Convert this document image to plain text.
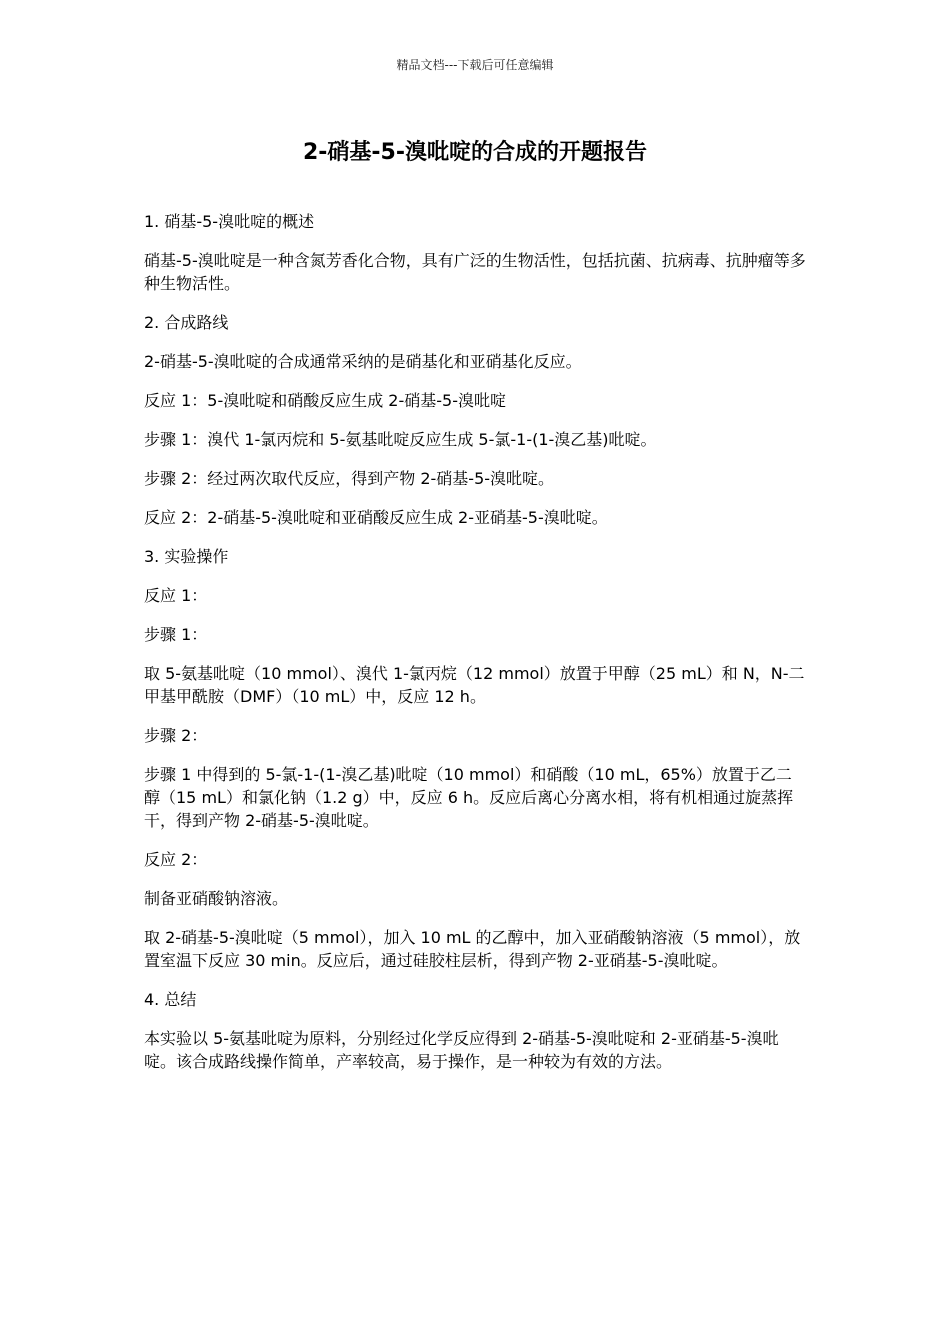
精品文档---下载后可任意编辑
2-硝基-5-溴吡啶的合成的开题报告

1. 硝基-5-溴吡啶的概述

硝基-5-溴吡啶是一种含氮芳香化合物，具有广泛的生物活性，包括抗菌、抗病毒、抗肿瘤等多种生物活性。

2. 合成路线

2-硝基-5-溴吡啶的合成通常采纳的是硝基化和亚硝基化反应。

反应 1：5-溴吡啶和硝酸反应生成 2-硝基-5-溴吡啶

步骤 1：溴代 1-氯丙烷和 5-氨基吡啶反应生成 5-氯-1-(1-溴乙基)吡啶。

步骤 2：经过两次取代反应，得到产物 2-硝基-5-溴吡啶。

反应 2：2-硝基-5-溴吡啶和亚硝酸反应生成 2-亚硝基-5-溴吡啶。

3. 实验操作

反应 1：

步骤 1：

取 5-氨基吡啶（10 mmol）、溴代 1-氯丙烷（12 mmol）放置于甲醇（25 mL）和 N，N-二甲基甲酰胺（DMF）（10 mL）中，反应 12 h。

步骤 2：

步骤 1 中得到的 5-氯-1-(1-溴乙基)吡啶（10 mmol）和硝酸（10 mL，65%）放置于乙二醇（15 mL）和氯化钠（1.2 g）中，反应 6 h。反应后离心分离水相，将有机相通过旋蒸挥干，得到产物 2-硝基-5-溴吡啶。

反应 2：

制备亚硝酸钠溶液。

取 2-硝基-5-溴吡啶（5 mmol），加入 10 mL 的乙醇中，加入亚硝酸钠溶液（5 mmol），放置室温下反应 30 min。反应后，通过硅胶柱层析，得到产物 2-亚硝基-5-溴吡啶。

4. 总结

本实验以 5-氨基吡啶为原料，分别经过化学反应得到 2-硝基-5-溴吡啶和 2-亚硝基-5-溴吡啶。该合成路线操作简单，产率较高，易于操作，是一种较为有效的方法。
